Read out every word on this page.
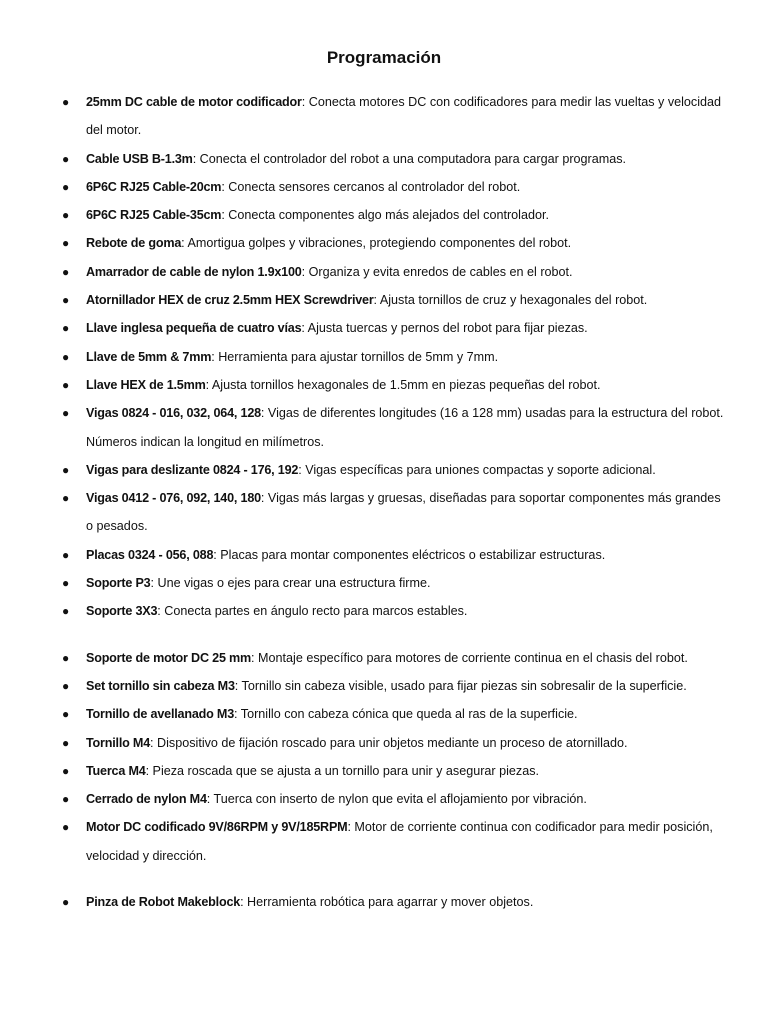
Programación
● 25mm DC cable de motor codificador: Conecta motores DC con codificadores para medir las vueltas y velocidad del motor.
● Cable USB B-1.3m: Conecta el controlador del robot a una computadora para cargar programas.
● 6P6C RJ25 Cable-20cm: Conecta sensores cercanos al controlador del robot.
● 6P6C RJ25 Cable-35cm: Conecta componentes algo más alejados del controlador.
● Rebote de goma: Amortigua golpes y vibraciones, protegiendo componentes del robot.
● Amarrador de cable de nylon 1.9x100: Organiza y evita enredos de cables en el robot.
● Atornillador HEX de cruz 2.5mm HEX Screwdriver: Ajusta tornillos de cruz y hexagonales del robot.
● Llave inglesa pequeña de cuatro vías: Ajusta tuercas y pernos del robot para fijar piezas.
● Llave de 5mm & 7mm: Herramienta para ajustar tornillos de 5mm y 7mm.
● Llave HEX de 1.5mm: Ajusta tornillos hexagonales de 1.5mm en piezas pequeñas del robot.
● Vigas 0824 - 016, 032, 064, 128: Vigas de diferentes longitudes (16 a 128 mm) usadas para la estructura del robot. Números indican la longitud en milímetros.
● Vigas para deslizante 0824 - 176, 192: Vigas específicas para uniones compactas y soporte adicional.
● Vigas 0412 - 076, 092, 140, 180: Vigas más largas y gruesas, diseñadas para soportar componentes más grandes o pesados.
● Placas 0324 - 056, 088: Placas para montar componentes eléctricos o estabilizar estructuras.
● Soporte P3: Une vigas o ejes para crear una estructura firme.
● Soporte 3X3: Conecta partes en ángulo recto para marcos estables.
● Soporte de motor DC 25 mm: Montaje específico para motores de corriente continua en el chasis del robot.
● Set tornillo sin cabeza M3: Tornillo sin cabeza visible, usado para fijar piezas sin sobresalir de la superficie.
● Tornillo de avellanado M3: Tornillo con cabeza cónica que queda al ras de la superficie.
● Tornillo M4: Dispositivo de fijación roscado para unir objetos mediante un proceso de atornillado.
● Tuerca M4: Pieza roscada que se ajusta a un tornillo para unir y asegurar piezas.
● Cerrado de nylon M4: Tuerca con inserto de nylon que evita el aflojamiento por vibración.
● Motor DC codificado 9V/86RPM y 9V/185RPM: Motor de corriente continua con codificador para medir posición, velocidad y dirección.
● Pinza de Robot Makeblock: Herramienta robótica para agarrar y mover objetos.
